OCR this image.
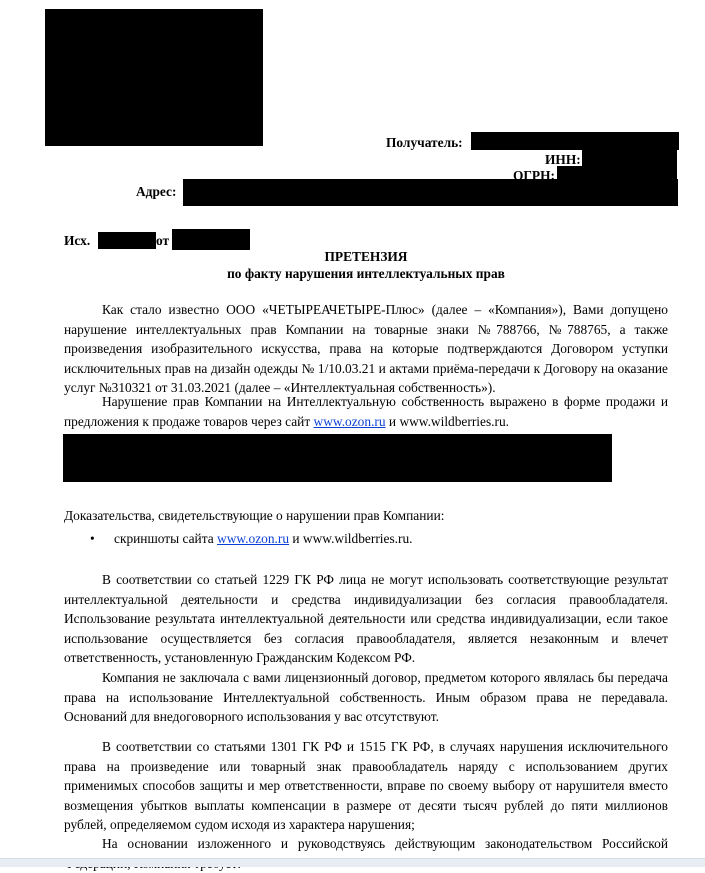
Получатель:
ИНН:
ОГРН:
Адрес:
Исх.	от
ПРЕТЕНЗИЯ
по факту нарушения интеллектуальных прав
Как стало известно ООО «ЧЕТЫРЕАЧЕТЫРЕ-Плюс» (далее – «Компания»), Вами допущено нарушение интеллектуальных прав Компании на товарные знаки №788766, №788765, а также произведения изобразительного искусства, права на которые подтверждаются Договором уступки исключительных прав на дизайн одежды № 1/10.03.21 и актами приёма-передачи к Договору на оказание услуг №310321 от 31.03.2021 (далее – «Интеллектуальная собственность»).
Нарушение прав Компании на Интеллектуальную собственность выражено в форме продажи и предложения к продаже товаров через сайт www.ozon.ru и www.wildberries.ru.
Доказательства, свидетельствующие о нарушении прав Компании:
• скриншоты сайта www.ozon.ru и www.wildberries.ru.
В соответствии со статьей 1229 ГК РФ лица не могут использовать соответствующие результат интеллектуальной деятельности и средства индивидуализации без согласия правообладателя. Использование результата интеллектуальной деятельности или средства индивидуализации, если такое использование осуществляется без согласия правообладателя, является незаконным и влечет ответственность, установленную Гражданским Кодексом РФ.
Компания не заключала с вами лицензионный договор, предметом которого являлась бы передача права на использование Интеллектуальной собственность. Иным образом права не передавала. Оснований для внедоговорного использования у вас отсутствуют.
В соответствии со статьями 1301 ГК РФ и 1515 ГК РФ, в случаях нарушения исключительного права на произведение или товарный знак правообладатель наряду с использованием других применимых способов защиты и мер ответственности, вправе по своему выбору от нарушителя вместо возмещения убытков выплаты компенсации в размере от десяти тысяч рублей до пяти миллионов рублей, определяемом судом исходя из характера нарушения;
На основании изложенного и руководствуясь действующим законодательством Российской
